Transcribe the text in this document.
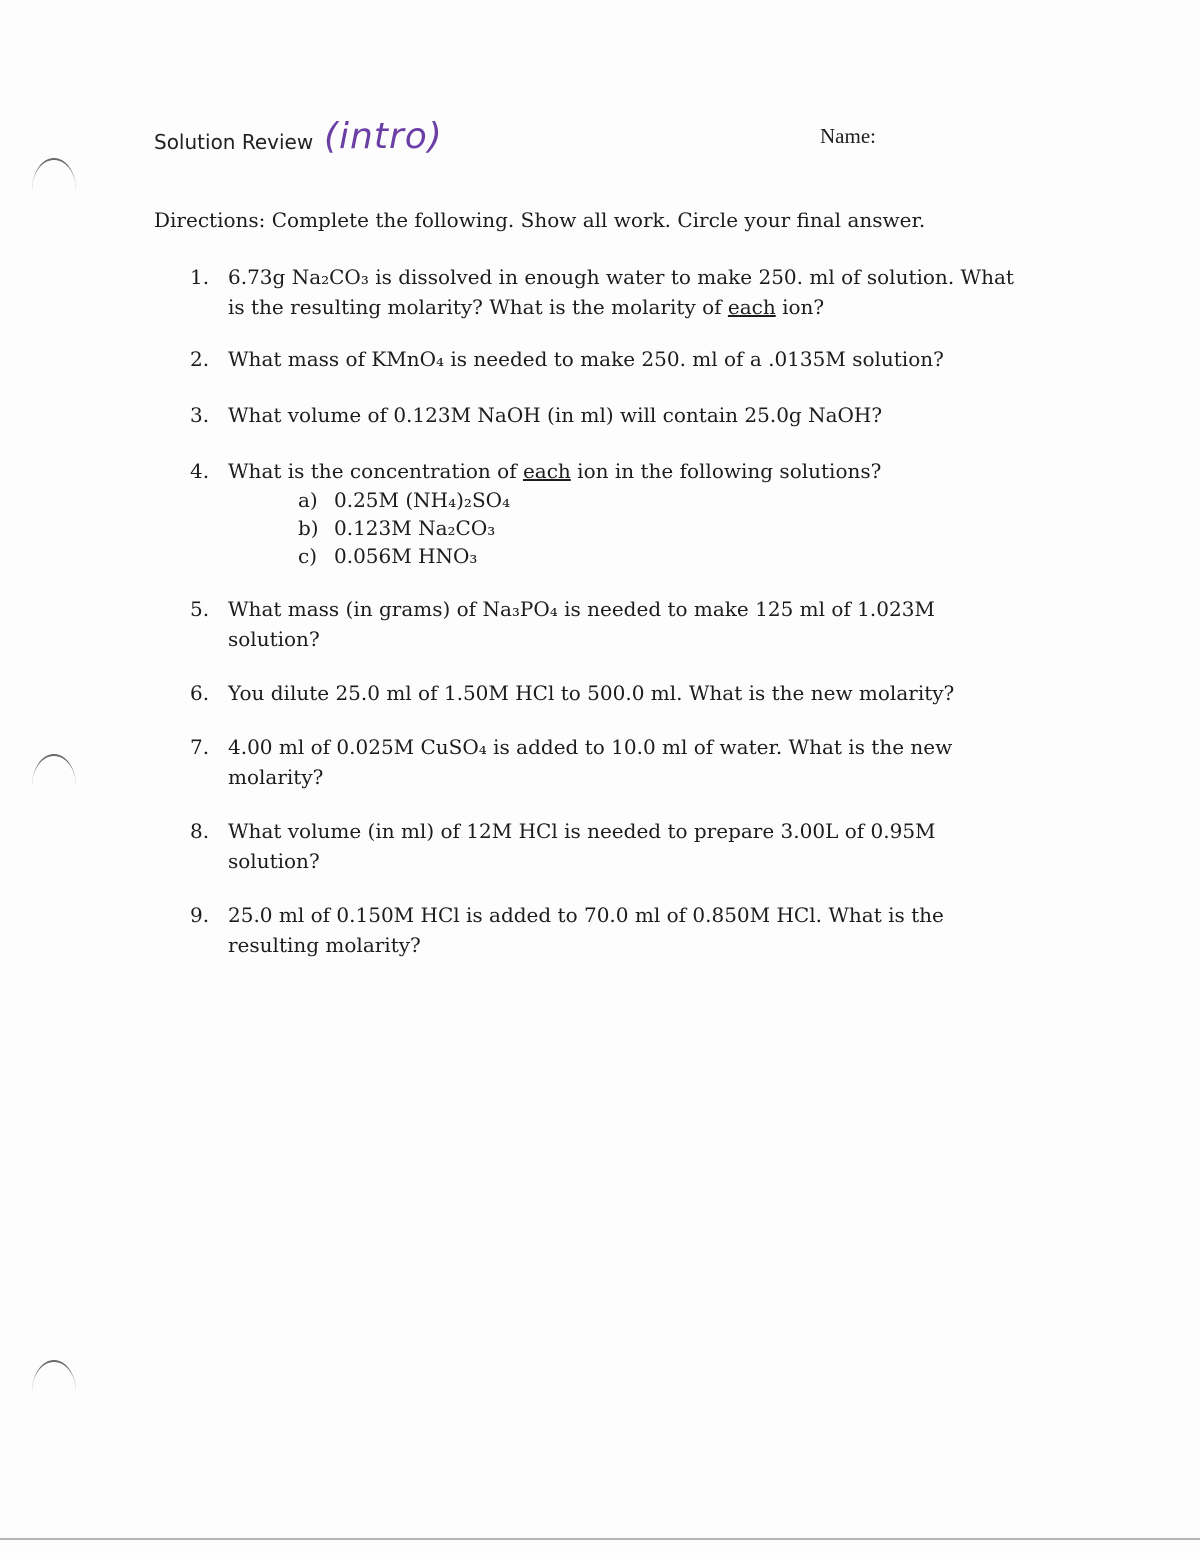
Solution Review (intro)	Name:
Directions: Complete the following. Show all work. Circle your final answer.
1. 6.73g Na₂CO₃ is dissolved in enough water to make 250. ml of solution. What is the resulting molarity? What is the molarity of each ion?
2. What mass of KMnO₄ is needed to make 250. ml of a .0135M solution?
3. What volume of 0.123M NaOH (in ml) will contain 25.0g NaOH?
4. What is the concentration of each ion in the following solutions?
a) 0.25M (NH₄)₂SO₄
b) 0.123M Na₂CO₃
c) 0.056M HNO₃
5. What mass (in grams) of Na₃PO₄ is needed to make 125 ml of 1.023M solution?
6. You dilute 25.0 ml of 1.50M HCl to 500.0 ml. What is the new molarity?
7. 4.00 ml of 0.025M CuSO₄ is added to 10.0 ml of water. What is the new molarity?
8. What volume (in ml) of 12M HCl is needed to prepare 3.00L of 0.95M solution?
9. 25.0 ml of 0.150M HCl is added to 70.0 ml of 0.850M HCl. What is the resulting molarity?
